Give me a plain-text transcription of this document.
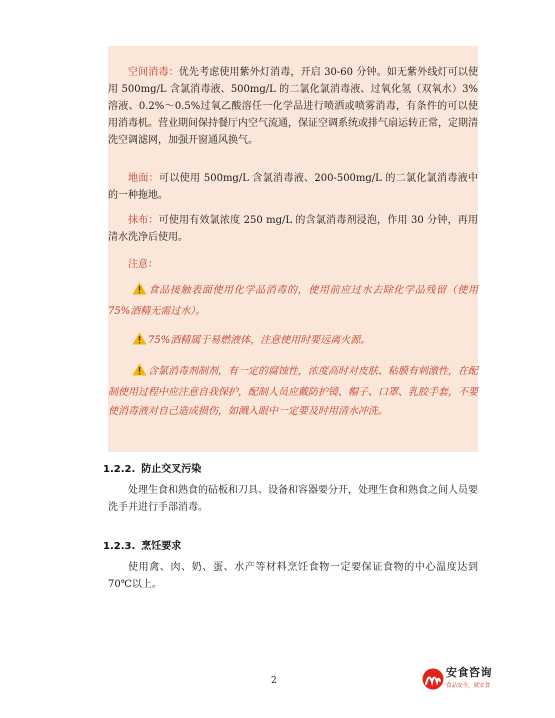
空间消毒：优先考虑使用紫外灯消毒，开启 30-60 分钟。如无紫外线灯可以使用 500mg/L 含氯消毒液、500mg/L 的二氯化氯消毒液、过氧化氢（双氧水）3%溶液、0.2%～0.5%过氧乙酸溶任一化学品进行喷洒或喷雾消毒，有条件的可以使用消毒机。营业期间保持餐厅内空气流通，保证空调系统或排气扇运转正常，定期清洗空调滤网，加强开窗通风换气。
地面：可以使用 500mg/L 含氯消毒液、200-500mg/L 的二氯化氯消毒液中的一种拖地。
抹布：可使用有效氯浓度 250 mg/L 的含氯消毒剂浸泡，作用 30 分钟，再用清水洗净后使用。
注意：
食品接触表面使用化学品消毒的，使用前应过水去除化学品残留（使用 75%酒精无需过水）。
75%酒精属于易燃液体，注意使用时要远离火源。
含氯消毒剂制剂，有一定的腐蚀性，浓度高时对皮肤、粘膜有刺激性，在配制使用过程中应注意自我保护，配制人员应戴防护镜、帽子、口罩、乳胶手套，不要使消毒液对自己造成损伤，如溅入眼中一定要及时用清水冲洗。
1.2.2. 防止交叉污染
处理生食和熟食的砧板和刀具、设备和容器要分开，处理生食和熟食之间人员要洗手并进行手部消毒。
1.2.3. 烹饪要求
使用禽、肉、奶、蛋、水产等材料烹饪食物一定要保证食物的中心温度达到 70℃以上。
2
安食咨询
食品安全，就安食
